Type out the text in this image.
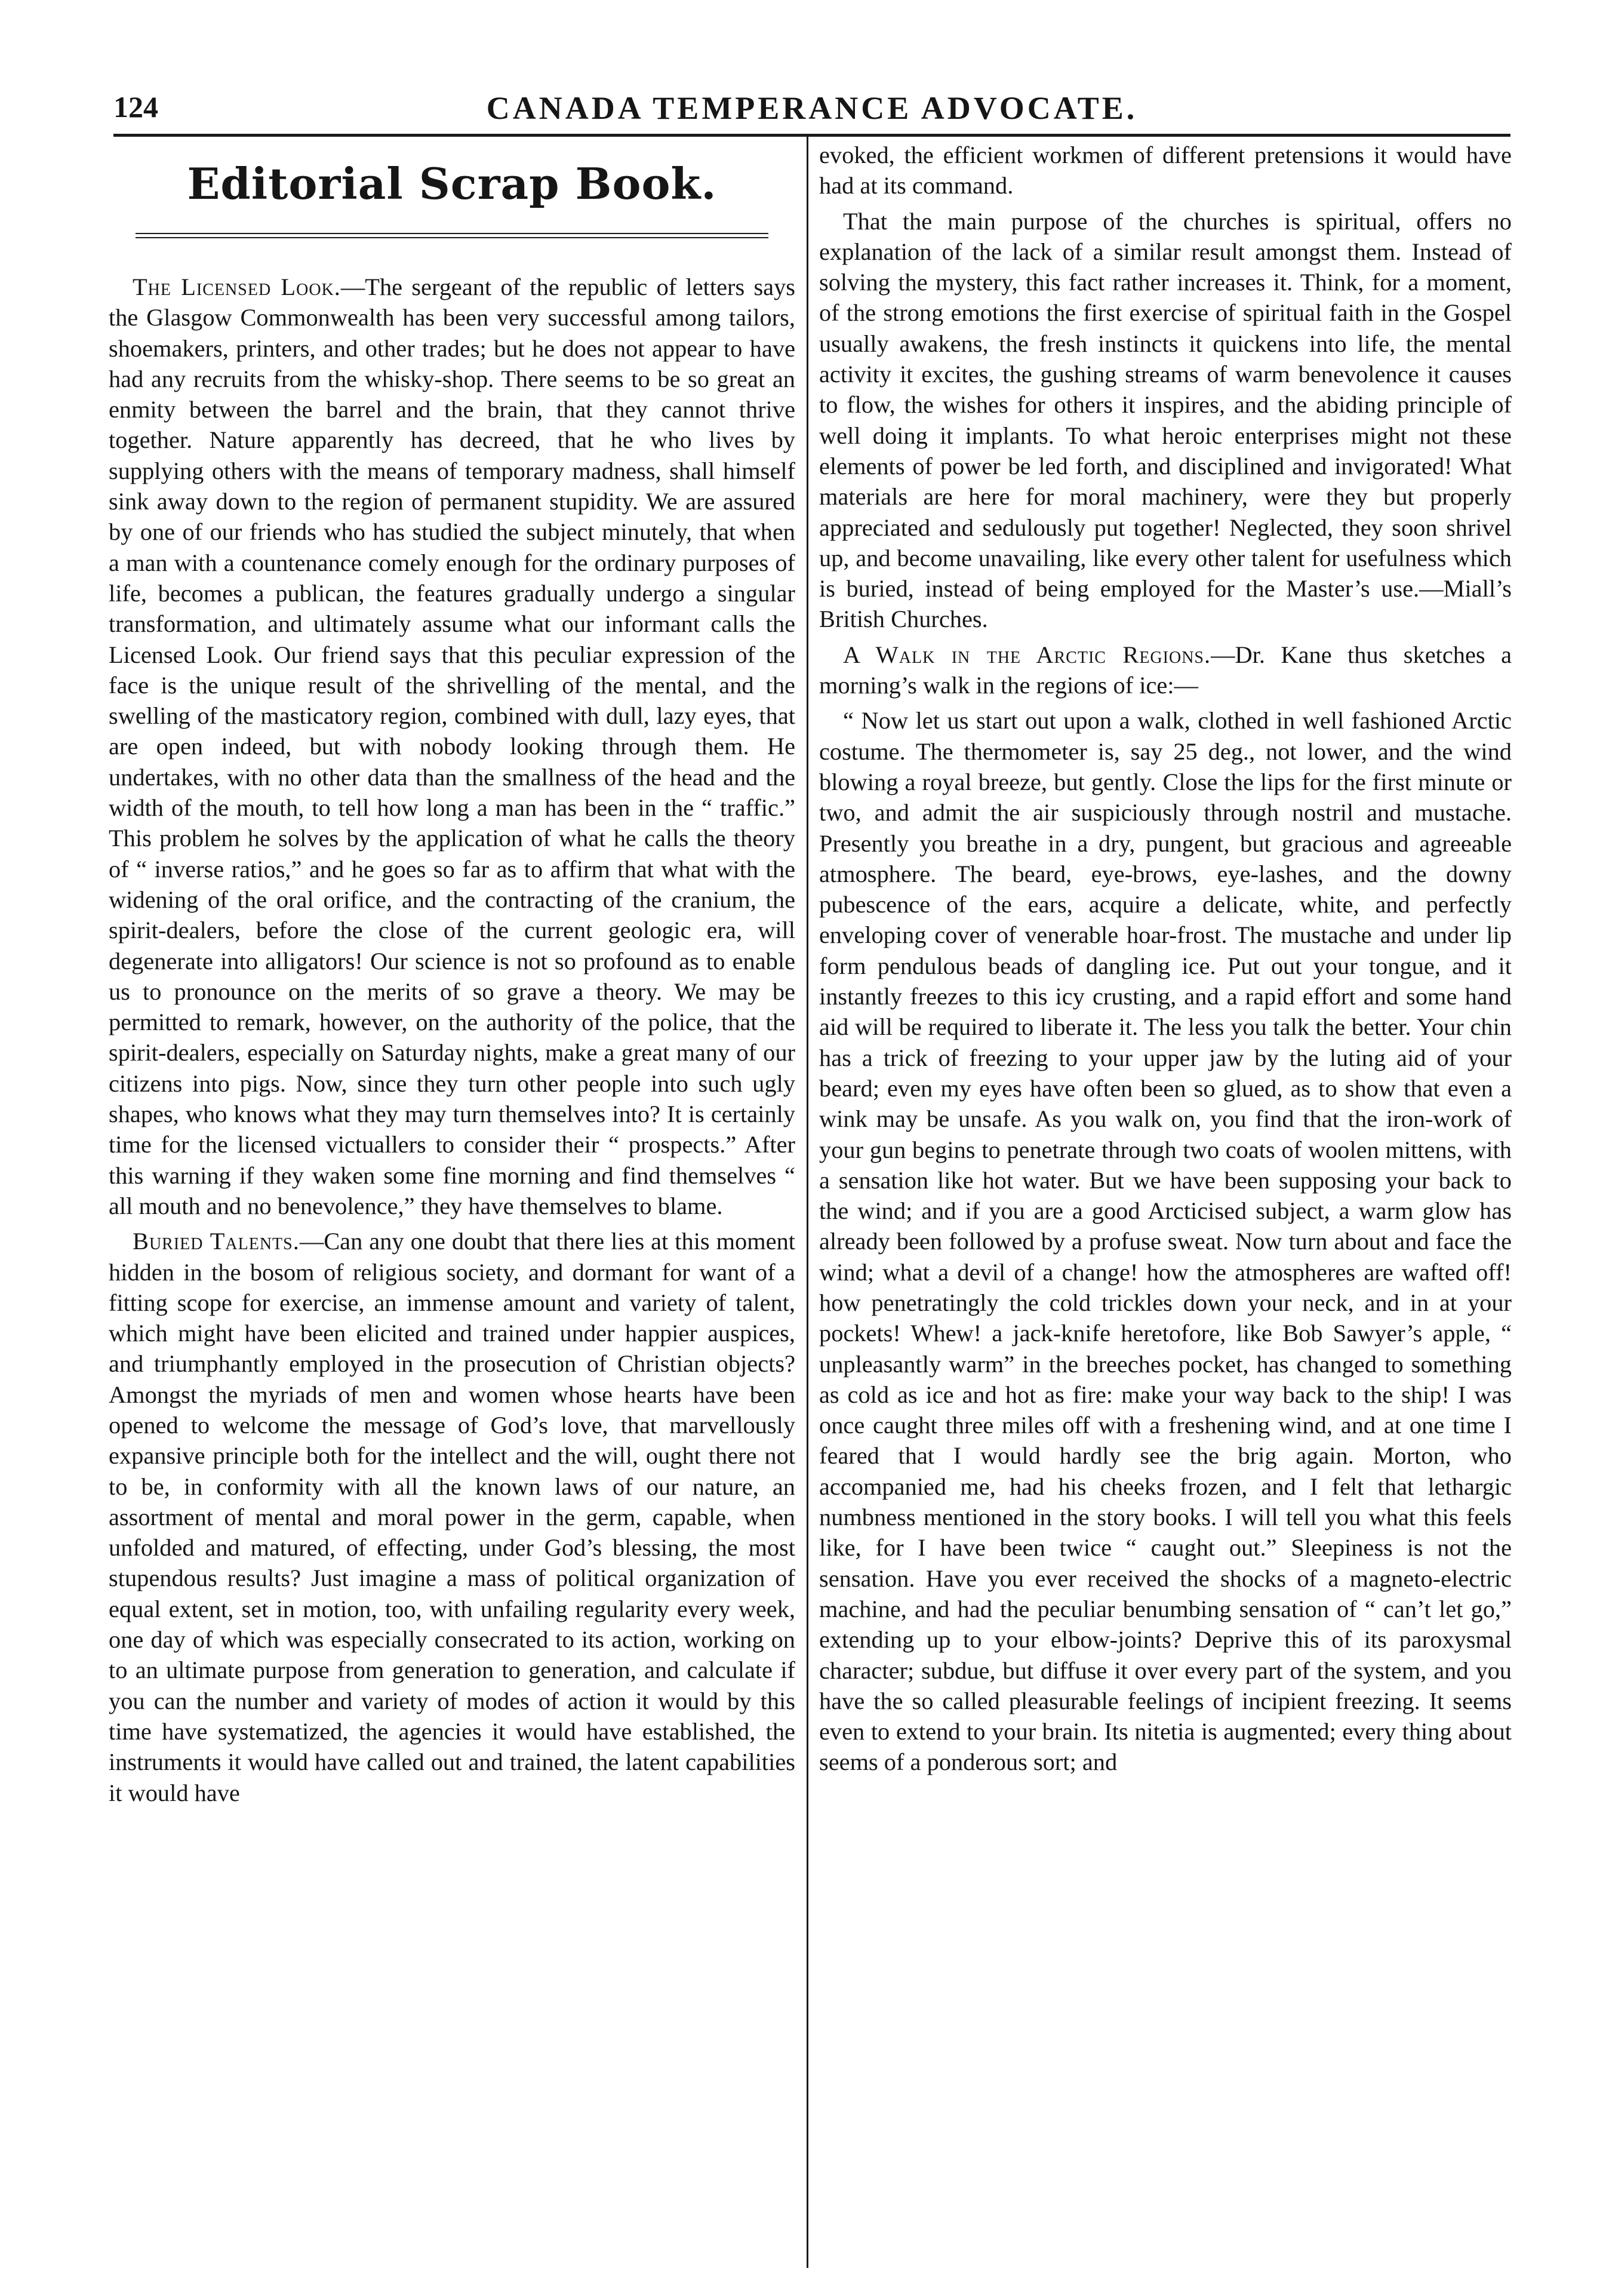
124	CANADA TEMPERANCE ADVOCATE.
Editorial Scrap Book.

The Licensed Look.—The sergeant of the republic of letters says the Glasgow Commonwealth has been very successful among tailors, shoemakers, printers, and other trades; but he does not appear to have had any recruits from the whisky-shop. There seems to be so great an enmity between the barrel and the brain, that they cannot thrive together. Nature apparently has decreed, that he who lives by supplying others with the means of temporary madness, shall himself sink away down to the region of permanent stupidity. We are assured by one of our friends who has studied the subject minutely, that when a man with a countenance comely enough for the ordinary purposes of life, becomes a publican, the features gradually undergo a singular transformation, and ultimately assume what our informant calls the Licensed Look. Our friend says that this peculiar expression of the face is the unique result of the shrivelling of the mental, and the swelling of the masticatory region, combined with dull, lazy eyes, that are open indeed, but with nobody looking through them. He undertakes, with no other data than the smallness of the head and the width of the mouth, to tell how long a man has been in the “ traffic.” This problem he solves by the application of what he calls the theory of “ inverse ratios,” and he goes so far as to affirm that what with the widening of the oral orifice, and the contracting of the cranium, the spirit-dealers, before the close of the current geologic era, will degenerate into alligators! Our science is not so profound as to enable us to pronounce on the merits of so grave a theory. We may be permitted to remark, however, on the authority of the police, that the spirit-dealers, especially on Saturday nights, make a great many of our citizens into pigs. Now, since they turn other people into such ugly shapes, who knows what they may turn themselves into? It is certainly time for the licensed victuallers to consider their “ prospects.” After this warning if they waken some fine morning and find themselves “ all mouth and no benevolence,” they have themselves to blame.

Buried Talents.—Can any one doubt that there lies at this moment hidden in the bosom of religious society, and dormant for want of a fitting scope for exercise, an immense amount and variety of talent, which might have been elicited and trained under happier auspices, and triumphantly employed in the prosecution of Christian objects? Amongst the myriads of men and women whose hearts have been opened to welcome the message of God’s love, that marvellously expansive principle both for the intellect and the will, ought there not to be, in conformity with all the known laws of our nature, an assortment of mental and moral power in the germ, capable, when unfolded and matured, of effecting, under God’s blessing, the most stupendous results? Just imagine a mass of political organization of equal extent, set in motion, too, with unfailing regularity every week, one day of which was especially consecrated to its action, working on to an ultimate purpose from generation to generation, and calculate if you can the number and variety of modes of action it would by this time have systematized, the agencies it would have established, the instruments it would have called out and trained, the latent capabilities it would have

evoked, the efficient workmen of different pretensions it would have had at its command.

That the main purpose of the churches is spiritual, offers no explanation of the lack of a similar result amongst them. Instead of solving the mystery, this fact rather increases it. Think, for a moment, of the strong emotions the first exercise of spiritual faith in the Gospel usually awakens, the fresh instincts it quickens into life, the mental activity it excites, the gushing streams of warm benevolence it causes to flow, the wishes for others it inspires, and the abiding principle of well doing it implants. To what heroic enterprises might not these elements of power be led forth, and disciplined and invigorated! What materials are here for moral machinery, were they but properly appreciated and sedulously put together! Neglected, they soon shrivel up, and become unavailing, like every other talent for usefulness which is buried, instead of being employed for the Master’s use.—Miall’s British Churches.

A Walk in the Arctic Regions.—Dr. Kane thus sketches a morning’s walk in the regions of ice:—

“ Now let us start out upon a walk, clothed in well fashioned Arctic costume. The thermometer is, say 25 deg., not lower, and the wind blowing a royal breeze, but gently. Close the lips for the first minute or two, and admit the air suspiciously through nostril and mustache. Presently you breathe in a dry, pungent, but gracious and agreeable atmosphere. The beard, eye-brows, eye-lashes, and the downy pubescence of the ears, acquire a delicate, white, and perfectly enveloping cover of venerable hoar-frost. The mustache and under lip form pendulous beads of dangling ice. Put out your tongue, and it instantly freezes to this icy crusting, and a rapid effort and some hand aid will be required to liberate it. The less you talk the better. Your chin has a trick of freezing to your upper jaw by the luting aid of your beard; even my eyes have often been so glued, as to show that even a wink may be unsafe. As you walk on, you find that the iron-work of your gun begins to penetrate through two coats of woolen mittens, with a sensation like hot water. But we have been supposing your back to the wind; and if you are a good Arcticised subject, a warm glow has already been followed by a profuse sweat. Now turn about and face the wind; what a devil of a change! how the atmospheres are wafted off! how penetratingly the cold trickles down your neck, and in at your pockets! Whew! a jack-knife heretofore, like Bob Sawyer’s apple, “ unpleasantly warm” in the breeches pocket, has changed to something as cold as ice and hot as fire: make your way back to the ship! I was once caught three miles off with a freshening wind, and at one time I feared that I would hardly see the brig again. Morton, who accompanied me, had his cheeks frozen, and I felt that lethargic numbness mentioned in the story books. I will tell you what this feels like, for I have been twice “ caught out.” Sleepiness is not the sensation. Have you ever received the shocks of a magneto-electric machine, and had the peculiar benumbing sensation of “ can’t let go,” extending up to your elbow-joints? Deprive this of its paroxysmal character; subdue, but diffuse it over every part of the system, and you have the so called pleasurable feelings of incipient freezing. It seems even to extend to your brain. Its nitetia is augmented; every thing about seems of a ponderous sort; and
